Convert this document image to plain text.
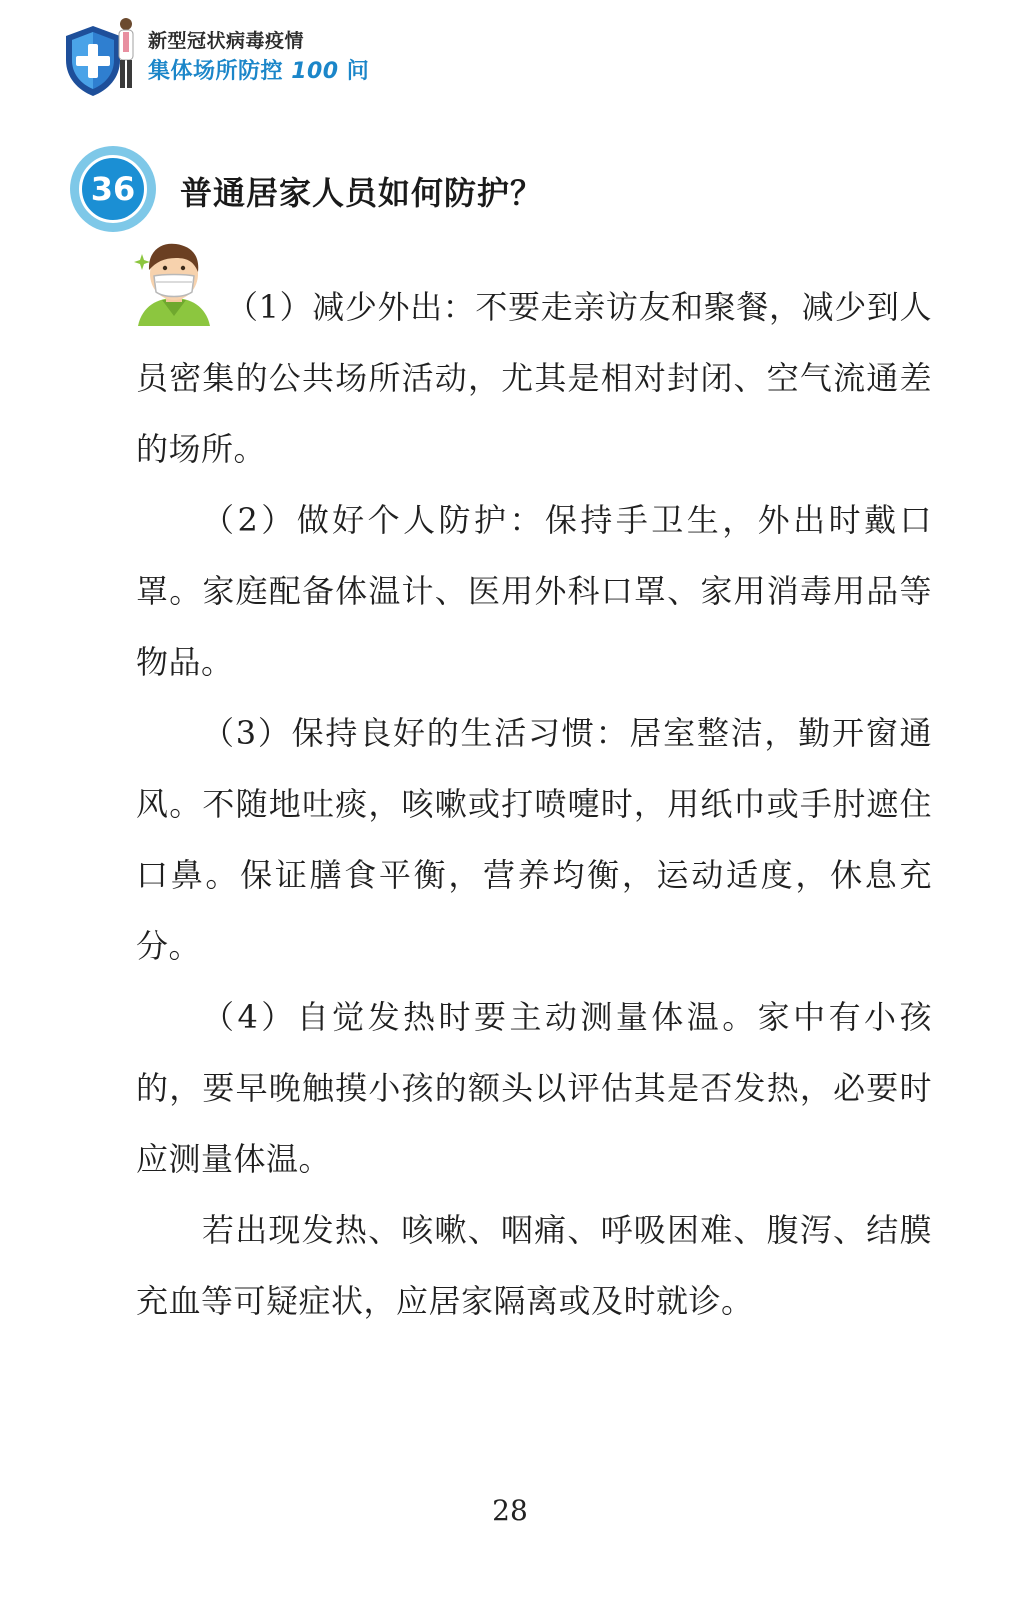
新型冠状病毒疫情
集体场所防控 100 问
36	普通居家人员如何防护？

（1）减少外出：不要走亲访友和聚餐，减少到人员密集的公共场所活动，尤其是相对封闭、空气流通差的场所。

（2）做好个人防护：保持手卫生，外出时戴口罩。家庭配备体温计、医用外科口罩、家用消毒用品等物品。

（3）保持良好的生活习惯：居室整洁，勤开窗通风。不随地吐痰，咳嗽或打喷嚏时，用纸巾或手肘遮住口鼻。保证膳食平衡，营养均衡，运动适度，休息充分。

（4）自觉发热时要主动测量体温。家中有小孩的，要早晚触摸小孩的额头以评估其是否发热，必要时应测量体温。

若出现发热、咳嗽、咽痛、呼吸困难、腹泻、结膜充血等可疑症状，应居家隔离或及时就诊。

28
